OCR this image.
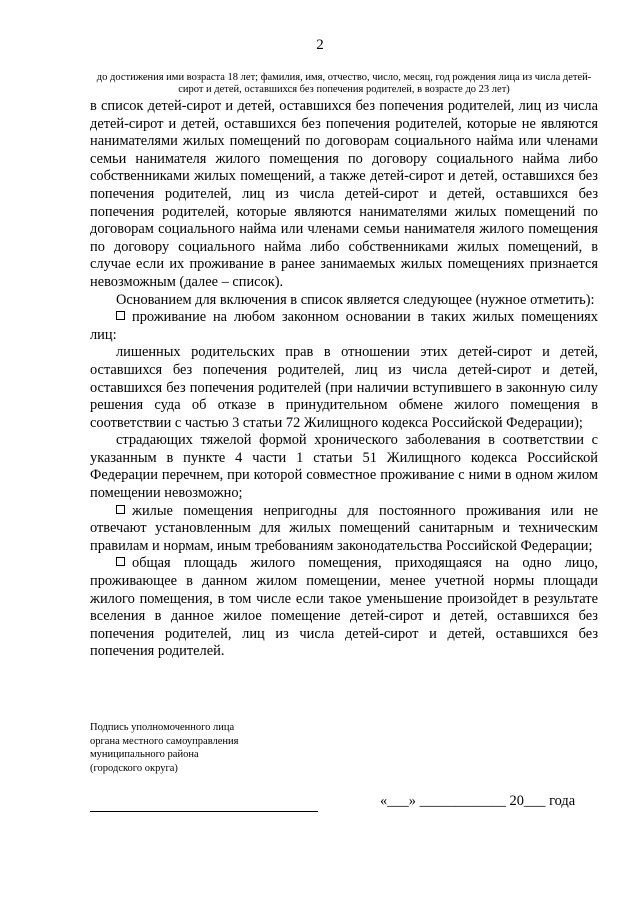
2
до достижения ими возраста 18 лет; фамилия, имя, отчество, число, месяц, год рождения лица из числа детей-сирот и детей, оставшихся без попечения родителей, в возрасте до 23 лет)

в список детей-сирот и детей, оставшихся без попечения родителей, лиц из числа детей-сирот и детей, оставшихся без попечения родителей, которые не являются нанимателями жилых помещений по договорам социального найма или членами семьи нанимателя жилого помещения по договору социального найма либо собственниками жилых помещений, а также детей-сирот и детей, оставшихся без попечения родителей, лиц из числа детей-сирот и детей, оставшихся без попечения родителей, которые являются нанимателями жилых помещений по договорам социального найма или членами семьи нанимателя жилого помещения по договору социального найма либо собственниками жилых помещений, в случае если их проживание в ранее занимаемых жилых помещениях признается невозможным (далее – список).

Основанием для включения в список является следующее (нужное отметить):

проживание на любом законном основании в таких жилых помещениях лиц:

лишенных родительских прав в отношении этих детей-сирот и детей, оставшихся без попечения родителей, лиц из числа детей-сирот и детей, оставшихся без попечения родителей (при наличии вступившего в законную силу решения суда об отказе в принудительном обмене жилого помещения в соответствии с частью 3 статьи 72 Жилищного кодекса Российской Федерации);

страдающих тяжелой формой хронического заболевания в соответствии с указанным в пункте 4 части 1 статьи 51 Жилищного кодекса Российской Федерации перечнем, при которой совместное проживание с ними в одном жилом помещении невозможно;

жилые помещения непригодны для постоянного проживания или не отвечают установленным для жилых помещений санитарным и техническим правилам и нормам, иным требованиям законодательства Российской Федерации;

общая площадь жилого помещения, приходящаяся на одно лицо, проживающее в данном жилом помещении, менее учетной нормы площади жилого помещения, в том числе если такое уменьшение произойдет в результате вселения в данное жилое помещение детей-сирот и детей, оставшихся без попечения родителей, лиц из числа детей-сирот и детей, оставшихся без попечения родителей.

Подпись уполномоченного лица
органа местного самоуправления
муниципального района
(городского округа)
«___» ____________ 20___ года
